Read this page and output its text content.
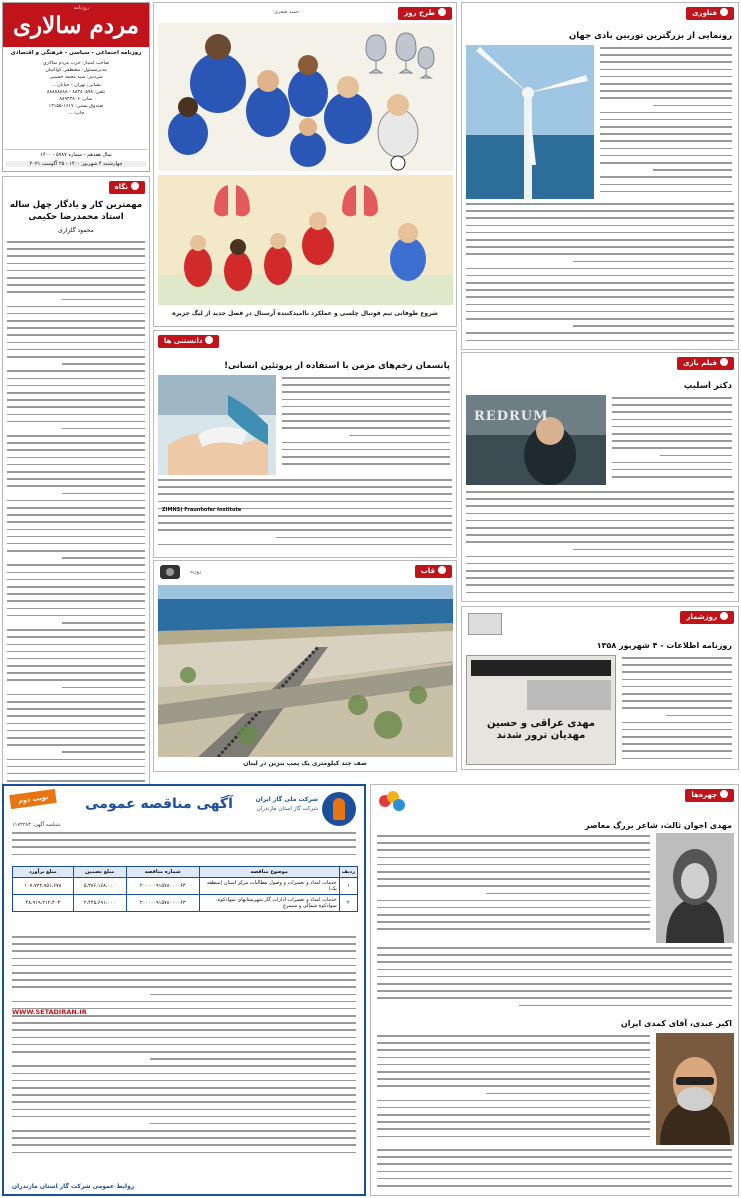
روزنامه
مردم سالاری
روزنامه اجتماعی - سیاسی - فرهنگی و اقتصادی
صاحب امتیاز: حزب مردم سالاری
مدیرمسئول: مصطفی کواکبیان
سردبیر: سید محمد حسینی
نشانی: تهران - خیابان ...
تلفن: ۸۸۴۸۰۵۹۸ - ۸۸۸۸۸۸۸۸
نمابر: ۸۸۹۴۳۸۰۶
صندوق پستی: ۱۶۱۷-۱۴۱۵۵
چاپ: ...
سال هفدهم - شماره ۵۷۸۷ - ۱۴۰۰
چهارشنبه ۴ شهریور ۱۴۰۰ - ۲۵ آگوست ۲۰۲۱
نگاه
مهمترین کار و یادگار چهل ساله استاد محمدرضا حکیمی
محمود گلزاری
طرح روز
حمید صفری
شروع طوفانی تیم فوتبال چلسی و عملکرد ناامیدکننده آرسنال در فصل جدید از لیگ جزیره
دانستنی ها
پانسمان زخم‌های مزمن با استفاده از پروتئین انسانی!
ZIMNS) Fraunhofer Institute
قاب
روزنه
صف چند کیلومتری یک پمپ بنزین در لبنان
فناوری
رونمایی از بزرگترین توربین بادی جهان
فیلم بازی
دکتر اسلیپ
REDRUM
روزشمار
روزنامه اطلاعات - ۴ شهریور ۱۳۵۸
مهدی عراقی و حسین مهدیان ترور شدند
نوبت دوم	شرکت ملی گاز ایران
شرکت گاز استان مازندران
آگهی مناقصه عمومی
شناسه آگهی: ۱۱۷۴۲۸۳
ردیف	موضوع مناقصه	شماره مناقصه	مبلغ تضمین	مبلغ برآورد
۱	خدمات امداد و تعمیرات و وصول مطالبات مرکز استان (منطقه یک)	۲۰۰۰۰۰۹۱۵۷۸۰۰۰۰۶۴	۵،۳۸۶،۱۶۸،۰۰۰	۱۰۷،۷۲۲،۹۵۱،۶۷۸
۲	خدمات امداد و تعمیرات ادارات گاز شهرستانهای سوادکوه، سوادکوه شمالی و سیمرغ	۲۰۰۰۰۰۹۱۵۷۸۰۰۰۰۶۳	۲،۴۴۵،۶۹۱،۰۰۰	۴۸،۹۱۹،۲۱۲،۴۰۳
WWW.SETADIRAN.IR
روابط عمومی شرکت گاز استان مازندران
چهره‌ها
مهدی اخوان ثالث، شاعر بزرگ معاصر
اکبر عبدی، آقای کمدی ایران
